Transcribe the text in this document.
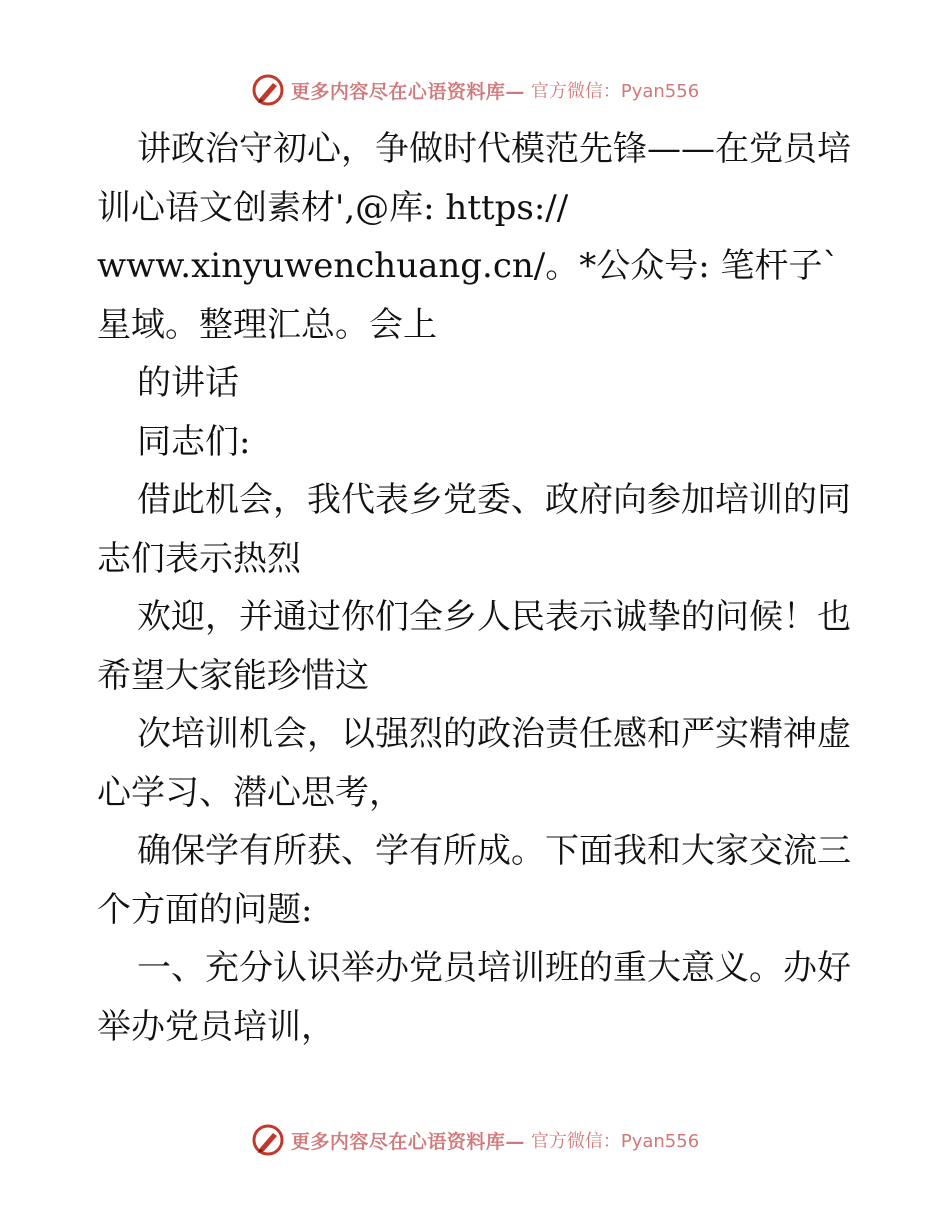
更多内容尽在心语资料库— 官方微信：Pyan556

讲政治守初心，争做时代模范先锋——在党员培训心语文创素材',@库: https://

www.xinyuwenchuang.cn/。*公众号: 笔杆子`星域。整理汇总。会上

的讲话

同志们:

借此机会，我代表乡党委、政府向参加培训的同志们表示热烈

欢迎，并通过你们全乡人民表示诚挚的问候！也希望大家能珍惜这

次培训机会，以强烈的政治责任感和严实精神虚心学习、潜心思考，

确保学有所获、学有所成。下面我和大家交流三个方面的问题:

一、充分认识举办党员培训班的重大意义。办好举办党员培训，

更多内容尽在心语资料库— 官方微信：Pyan556
